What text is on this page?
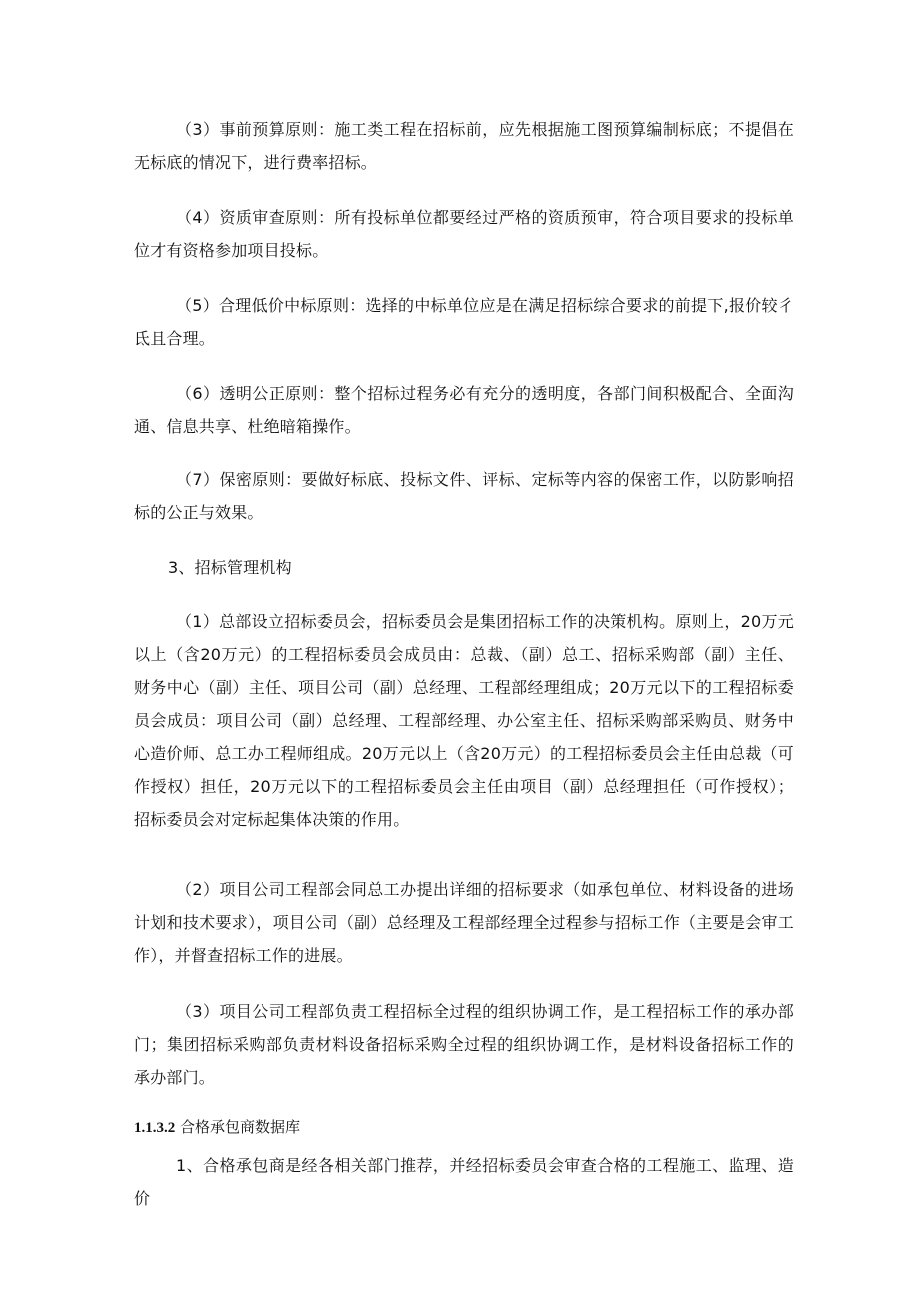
（3）事前预算原则：施工类工程在招标前，应先根据施工图预算编制标底；不提倡在无标底的情况下，进行费率招标。

（4）资质审查原则：所有投标单位都要经过严格的资质预审，符合项目要求的投标单位才有资格参加项目投标。

（5）合理低价中标原则：选择的中标单位应是在满足招标综合要求的前提下,报价较彳氐且合理。

（6）透明公正原则：整个招标过程务必有充分的透明度，各部门间积极配合、全面沟通、信息共享、杜绝暗箱操作。

（7）保密原则：要做好标底、投标文件、评标、定标等内容的保密工作，以防影响招标的公正与效果。

3、招标管理机构

（1）总部设立招标委员会，招标委员会是集团招标工作的决策机构。原则上，20万元以上（含20万元）的工程招标委员会成员由：总裁、（副）总工、招标采购部（副）主任、财务中心（副）主任、项目公司（副）总经理、工程部经理组成；20万元以下的工程招标委员会成员：项目公司（副）总经理、工程部经理、办公室主任、招标采购部采购员、财务中心造价师、总工办工程师组成。20万元以上（含20万元）的工程招标委员会主任由总裁（可作授权）担任，20万元以下的工程招标委员会主任由项目（副）总经理担任（可作授权）；招标委员会对定标起集体决策的作用。

（2）项目公司工程部会同总工办提出详细的招标要求（如承包单位、材料设备的进场计划和技术要求），项目公司（副）总经理及工程部经理全过程参与招标工作（主要是会审工作），并督查招标工作的进展。

（3）项目公司工程部负责工程招标全过程的组织协调工作，是工程招标工作的承办部门；集团招标采购部负责材料设备招标采购全过程的组织协调工作，是材料设备招标工作的承办部门。

1.1.3.2 合格承包商数据库

1、合格承包商是经各相关部门推荐，并经招标委员会审查合格的工程施工、监理、造价
